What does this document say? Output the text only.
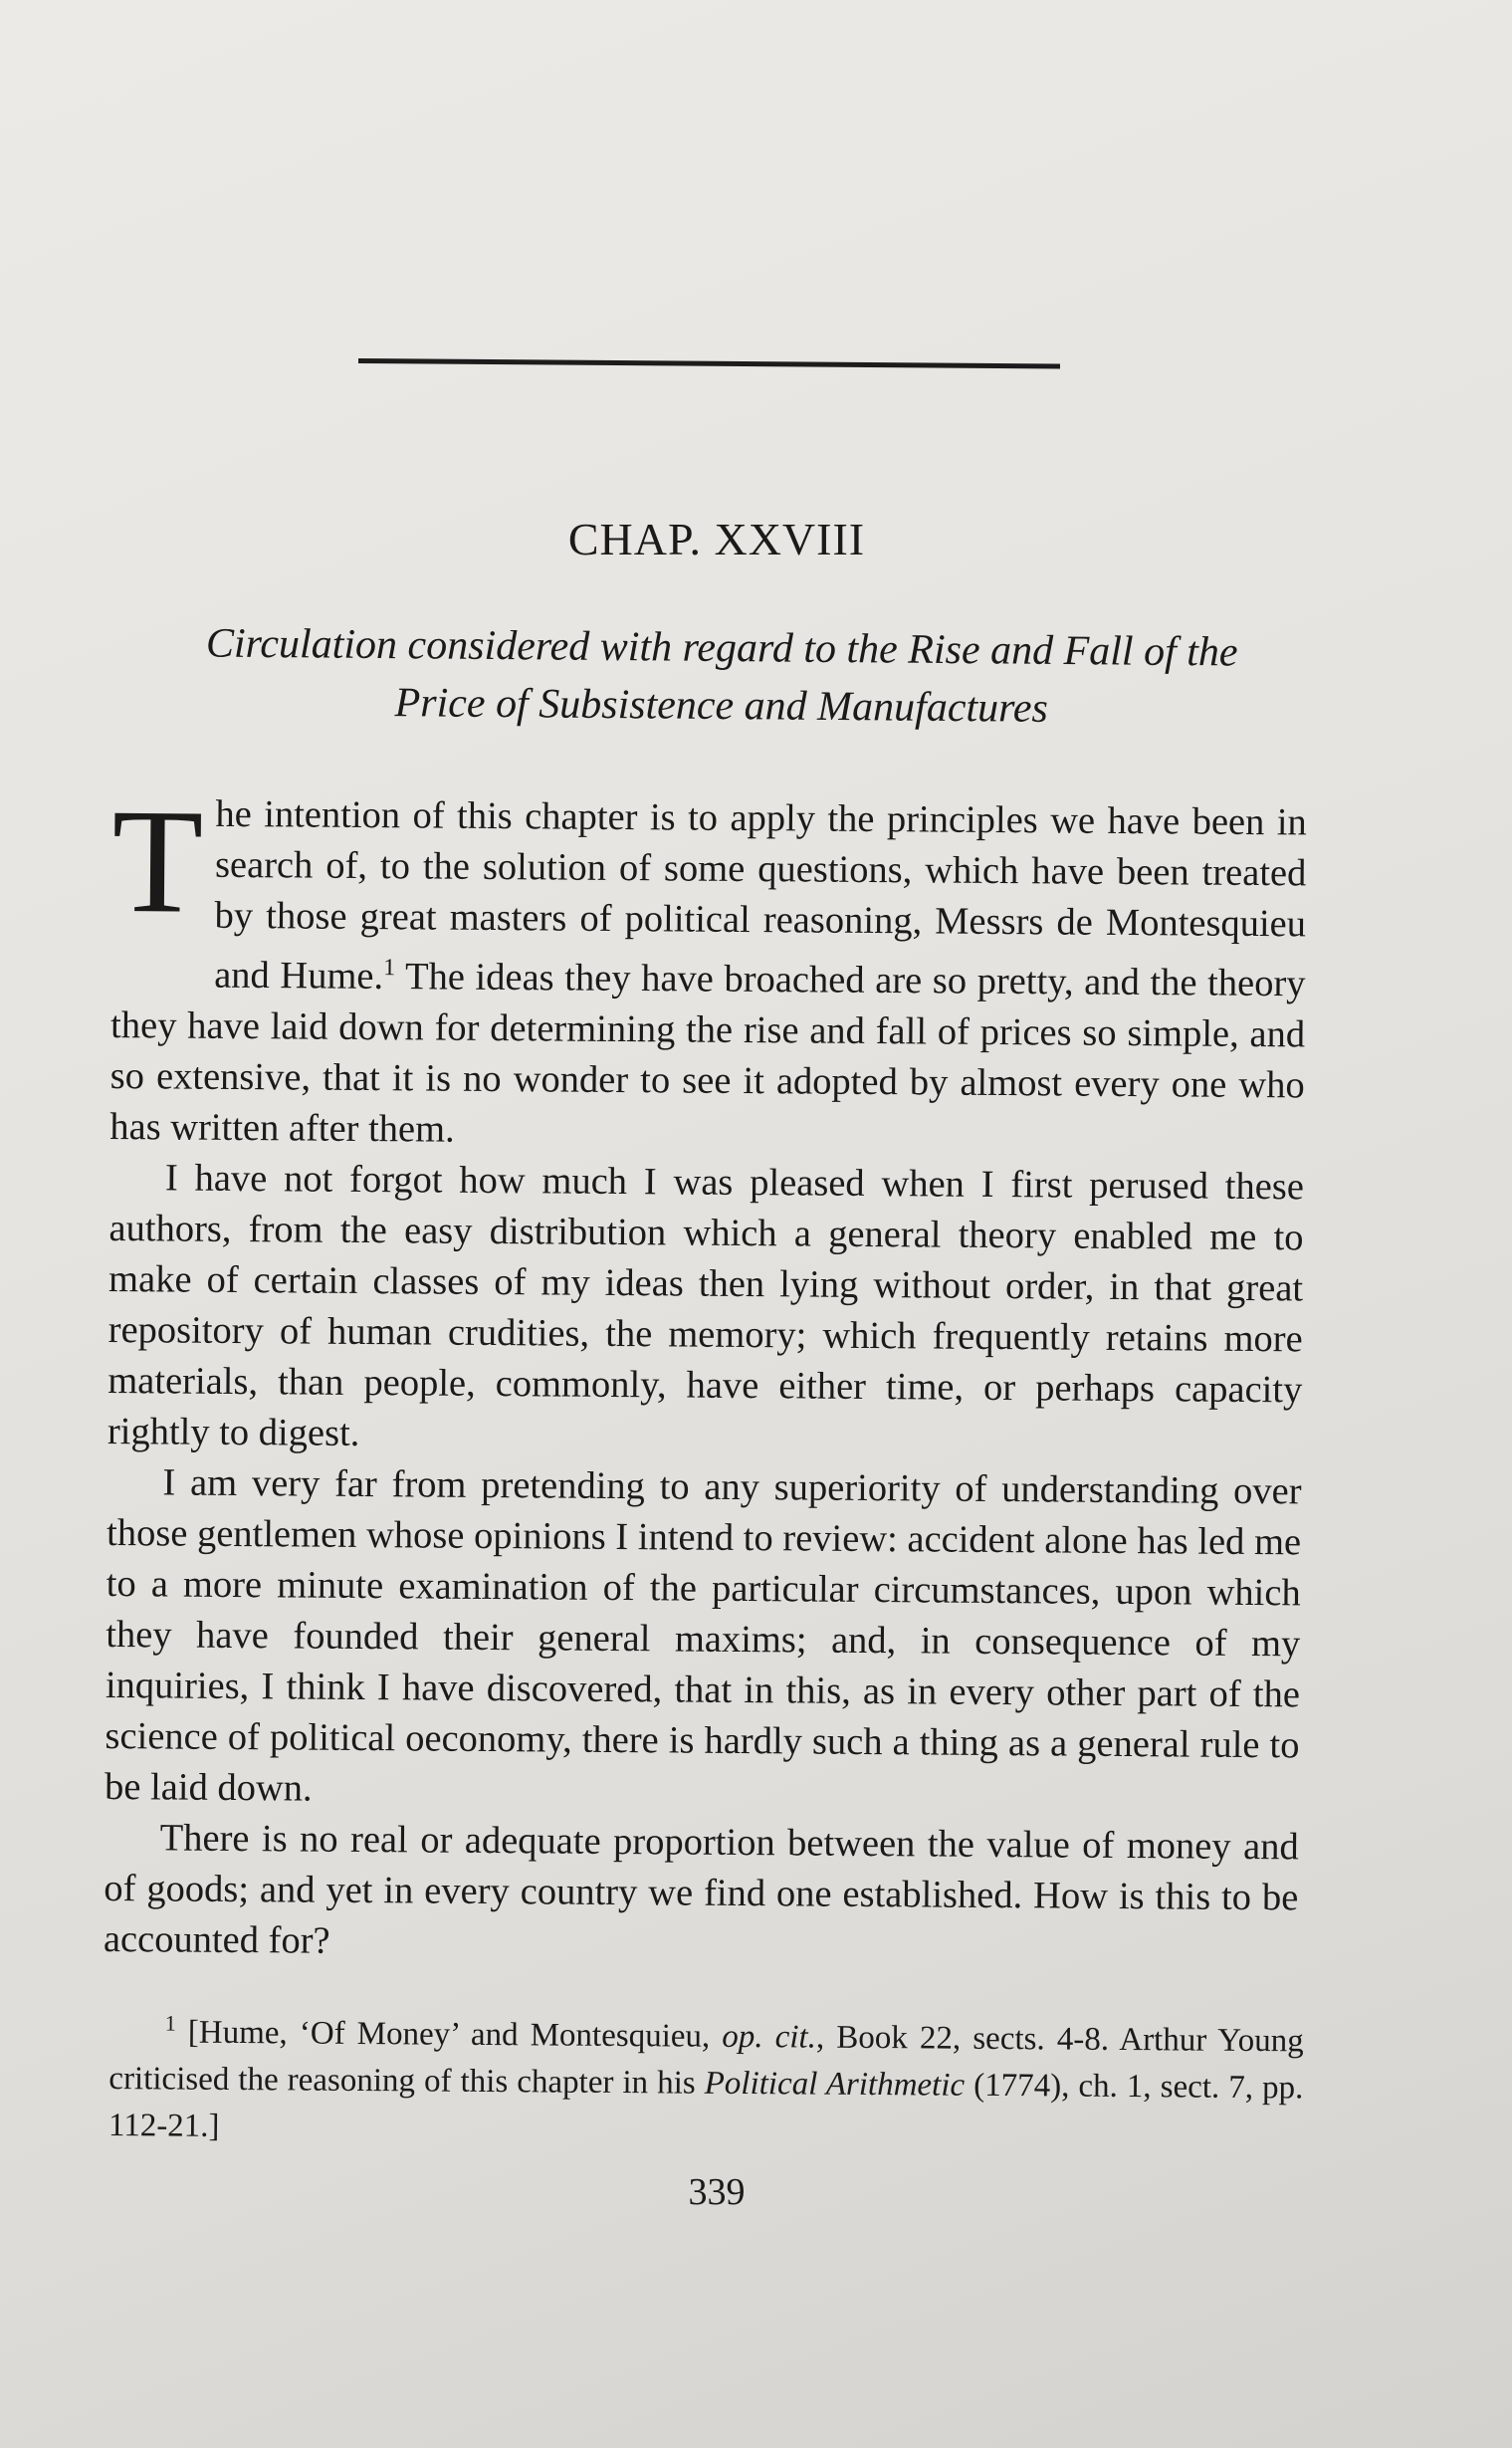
CHAP. XXVIII
Circulation considered with regard to the Rise and Fall of the Price of Subsistence and Manufactures

The intention of this chapter is to apply the principles we have been in search of, to the solution of some questions, which have been treated by those great masters of political reasoning, Messrs de Montesquieu and Hume.$^1$ The ideas they have broached are so pretty, and the theory they have laid down for determining the rise and fall of prices so simple, and so extensive, that it is no wonder to see it adopted by almost every one who has written after them.

I have not forgot how much I was pleased when I first perused these authors, from the easy distribution which a general theory enabled me to make of certain classes of my ideas then lying without order, in that great repository of human crudities, the memory; which frequently retains more materials, than people, commonly, have either time, or perhaps capacity rightly to digest.

I am very far from pretending to any superiority of understanding over those gentlemen whose opinions I intend to review: accident alone has led me to a more minute examination of the particular circumstances, upon which they have founded their general maxims; and, in consequence of my inquiries, I think I have discovered, that in this, as in every other part of the science of political oeconomy, there is hardly such a thing as a general rule to be laid down.

There is no real or adequate proportion between the value of money and of goods; and yet in every country we find one established. How is this to be accounted for?

$^1$ [Hume, ‘Of Money’ and Montesquieu, op. cit., Book 22, sects. 4-8. Arthur Young criticised the reasoning of this chapter in his Political Arithmetic (1774), ch. 1, sect. 7, pp. 112-21.]
339
